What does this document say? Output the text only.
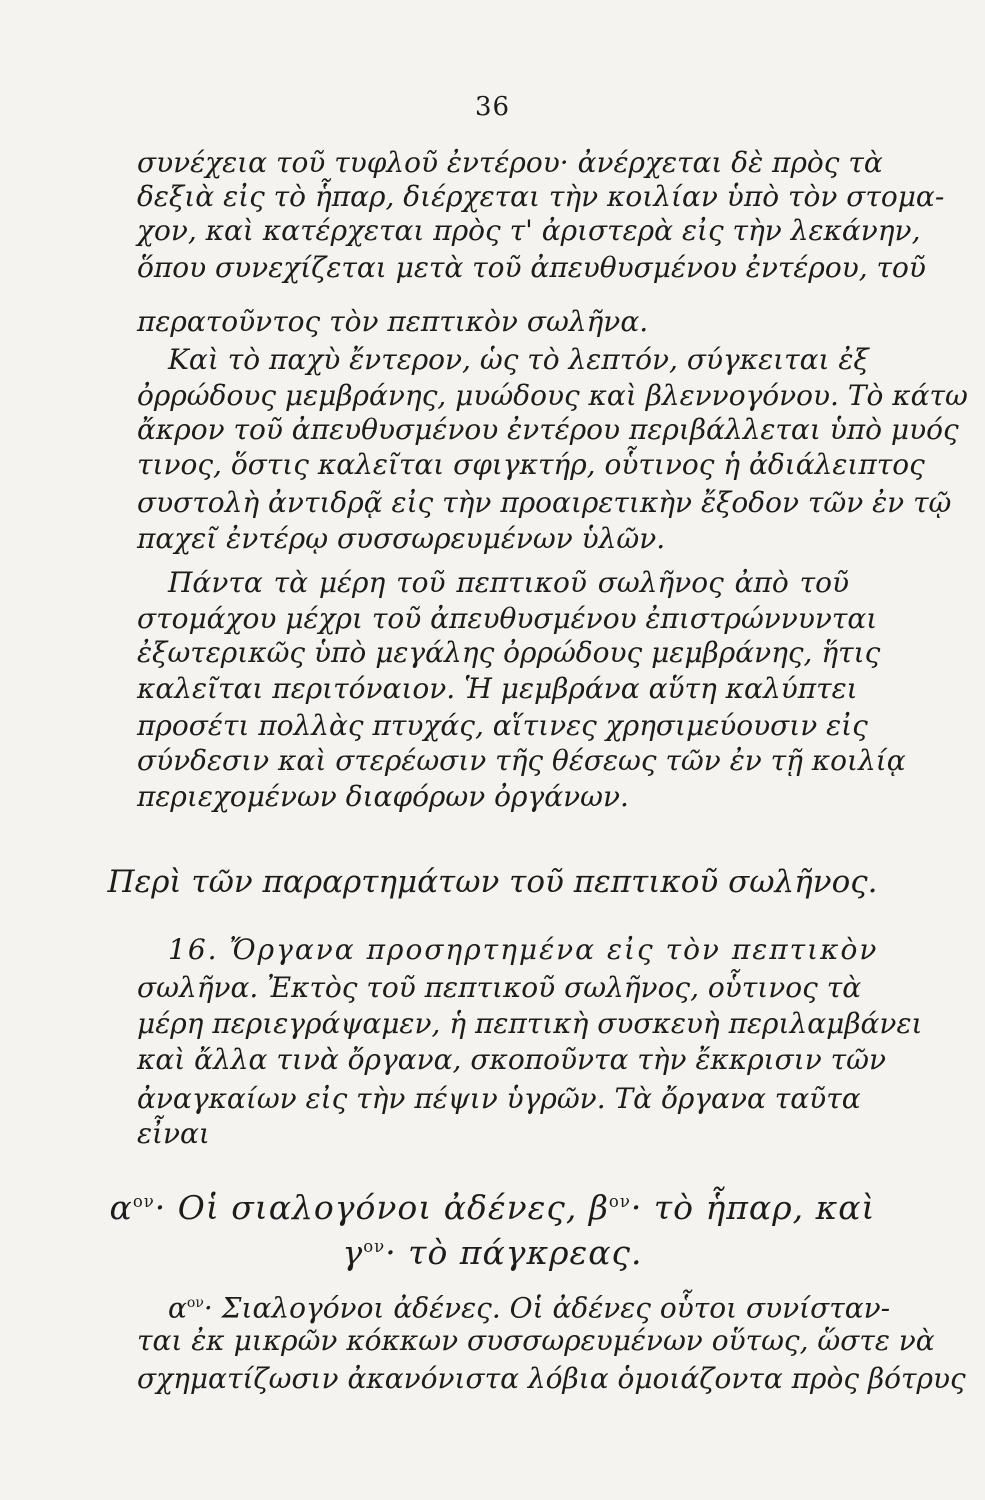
36
συνέχεια τοῦ τυφλοῦ ἐντέρου· ἀνέρχεται δὲ πρὸς τὰ
δεξιὰ εἰς τὸ ἧπαρ, διέρχεται τὴν κοιλίαν ὑπὸ τὸν στομα-
χον, καὶ κατέρχεται πρὸς τ' ἀριστερὰ εἰς τὴν λεκάνην,
ὅπου συνεχίζεται μετὰ τοῦ ἀπευθυσμένου ἐντέρου, τοῦ
περατοῦντος τὸν πεπτικὸν σωλῆνα.
Καὶ τὸ παχὺ ἔντερον, ὡς τὸ λεπτόν, σύγκειται ἐξ
ὀρρώδους μεμβράνης, μυώδους καὶ βλεννογόνου. Τὸ κάτω
ἄκρον τοῦ ἀπευθυσμένου ἐντέρου περιβάλλεται ὑπὸ μυός
τινος, ὅστις καλεῖται σφιγκτήρ, οὗτινος ἡ ἀδιάλειπτος
συστολὴ ἀντιδρᾷ εἰς τὴν προαιρετικὴν ἔξοδον τῶν ἐν τῷ
παχεῖ ἐντέρῳ συσσωρευμένων ὑλῶν.
Πάντα τὰ μέρη τοῦ πεπτικοῦ σωλῆνος ἀπὸ τοῦ
στομάχου μέχρι τοῦ ἀπευθυσμένου ἐπιστρώννυνται
ἐξωτερικῶς ὑπὸ μεγάλης ὀρρώδους μεμβράνης, ἥτις
καλεῖται περιτόναιον. Ἡ μεμβράνα αὕτη καλύπτει
προσέτι πολλὰς πτυχάς, αἵτινες χρησιμεύουσιν εἰς
σύνδεσιν καὶ στερέωσιν τῆς θέσεως τῶν ἐν τῇ κοιλίᾳ
περιεχομένων διαφόρων ὀργάνων.
Περὶ τῶν παραρτημάτων τοῦ πεπτικοῦ σωλῆνος.
16. Ὄργανα προσηρτημένα εἰς τὸν πεπτικὸν
σωλῆνα. Ἐκτὸς τοῦ πεπτικοῦ σωλῆνος, οὗτινος τὰ
μέρη περιεγράψαμεν, ἡ πεπτικὴ συσκευὴ περιλαμβάνει
καὶ ἄλλα τινὰ ὄργανα, σκοποῦντα τὴν ἔκκρισιν τῶν
ἀναγκαίων εἰς τὴν πέψιν ὑγρῶν. Τὰ ὄργανα ταῦτα
εἶναι
$\alpha^{o\nu}\cdot$ Οἱ σιαλογόνοι ἀδένες, $\beta^{o\nu}\cdot$ τὸ ἧπαρ, καὶ
$\gamma^{o\nu}\cdot$ τὸ πάγκρεας.
$\alpha^{o\nu}\cdot \Sigma\iota\alpha\lambda o\gamma ό\nu o\iota$ ἀδένες. Οἱ ἀδένες οὗτοι συνίσταν-
ται ἐκ μικρῶν κόκκων συσσωρευμένων οὕτως, ὥστε νὰ
σχηματίζωσιν ἀκανόνιστα λόβια ὁμοιάζοντα πρὸς βότρυς
